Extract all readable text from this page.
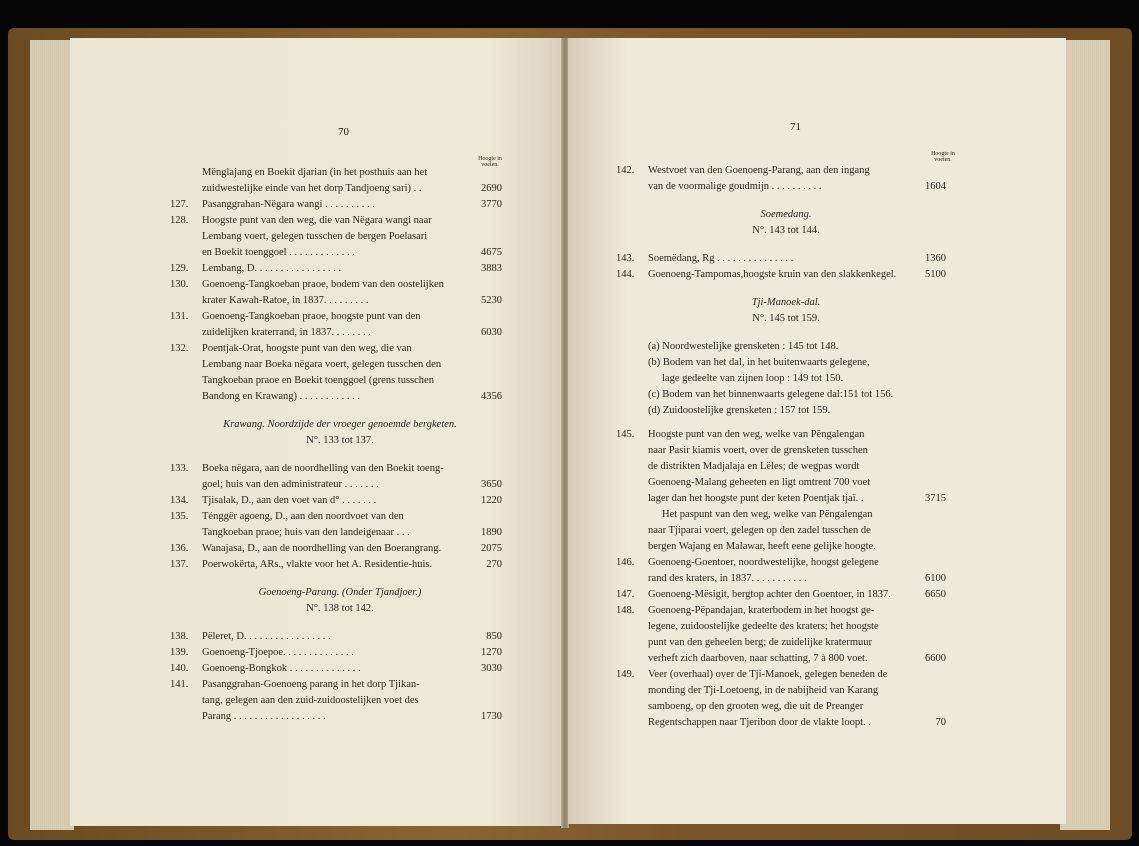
70
Hoogte in voeten.
Mënglajang en Boekit djarian (in het posthuis aan het
zuidwestelijke einde van het dorp Tandjoeng sari) . .	2690
127.	Pasanggrahan-Nëgara wangi . . . . . . . . . .	3770
128.	Hoogste punt van den weg, die van Nëgara wangi naar
Lembang voert, gelegen tusschen de bergen Poelasari
en Boekit toenggoel . . . . . . . . . . . . .	4675
129.	Lembang, D. . . . . . . . . . . . . . . . .	3883
130.	Goenoeng-Tangkoeban praoe, bodem van den oostelijken
krater Kawah-Ratoe, in 1837. . . . . . . . .	5230
131.	Goenoeng-Tangkoeban praoe, hoogste punt van den
zuidelijken kraterrand, in 1837. . . . . . . .	6030
132.	Poentjak-Orat, hoogste punt van den weg, die van
Lembang naar Boeka nëgara voert, gelegen tusschen den
Tangkoeban praoe en Boekit toenggoel (grens tusschen
Bandong en Krawang) . . . . . . . . . . . .	4356
Krawang. Noordzijde der vroeger genoemde bergketen.
N°. 133 tot 137.
133.	Boeka nëgara, aan de noordhelling van den Boekit toeng-
goel; huis van den administrateur . . . . . . .	3650
134.	Tjisalak, D., aan den voet van d° . . . . . . .	1220
135.	Ténggër agoeng, D., aan den noordvoet van den
Tangkoeban praoe; huis van den landeigenaar . . .	1890
136.	Wanajasa, D., aan de noordhelling van den Boerangrang.	2075
137.	Poerwokërta, ARs., vlakte voor het A. Residentie-huis.	270
Goenoeng-Parang. (Onder Tjandjoer.)
N°. 138 tot 142.
138.	Pëleret, D. . . . . . . . . . . . . . . . .	850
139.	Goenoeng-Tjoepoe. . . . . . . . . . . . . .	1270
140.	Goenoeng-Bongkok . . . . . . . . . . . . . .	3030
141.	Pasanggrahan-Goenoeng parang in het dorp Tjikan-
tang, gelegen aan den zuid-zuidoostelijken voet des
Parang . . . . . . . . . . . . . . . . . .	1730
71
Hoogte in voeten.
142.	Westvoet van den Goenoeng-Parang, aan den ingang
van de voormalige goudmijn . . . . . . . . . .	1604
Soemedang.
N°. 143 tot 144.
143.	Soemëdang, Rg . . . . . . . . . . . . . . .	1360
144.	Goenoeng-Tampomas,hoogste kruin van den slakkenkegel.	5100
Tji-Manoek-dal.
N°. 145 tot 159.
(a) Noordwestelijke grensketen : 145 tot 148.
(b) Bodem van het dal, in het buitenwaarts gelegene,
lage gedeelte van zijnen loop : 149 tot 150.
(c) Bodem van het binnenwaarts gelegene dal:151 tot 156.
(d) Zuidoostelijke grensketen : 157 tot 159.
145.	Hoogste punt van den weg, welke van Pëngalengan
naar Pasir kiamis voert, over de grensketen tusschen
de distrikten Madjalaja en Lëles; de wegpas wordt
Goenoeng-Malang geheeten en ligt omtrent 700 voet
lager dan het hoogste punt der keten Poentjak tjaï. .	3715
Het paspunt van den weg, welke van Pëngalengan
naar Tjiparai voert, gelegen op den zadel tusschen de
bergen Wajang en Malawar, heeft eene gelijke hoogte.
146.	Goenoeng-Goentoer, noordwestelijke, hoogst gelegene
rand des kraters, in 1837. . . . . . . . . . .	6100
147.	Goenoeng-Mësigit, bergtop achter den Goentoer, in 1837.	6650
148.	Goenoeng-Pëpandajan, kraterbodem in het hoogst ge-
legene, zuidoostelijke gedeelte des kraters; het hoogste
punt van den geheelen berg; de zuidelijke kratermuur
verheft zich daarboven, naar schatting, 7 à 800 voet.	6600
149.	Veer (overhaal) over de Tji-Manoek, gelegen beneden de
monding der Tji-Loetoeng, in de nabijheid van Karang
samboeng, op den grooten weg, die uit de Preanger
Regentschappen naar Tjeribon door de vlakte loopt. .	70
